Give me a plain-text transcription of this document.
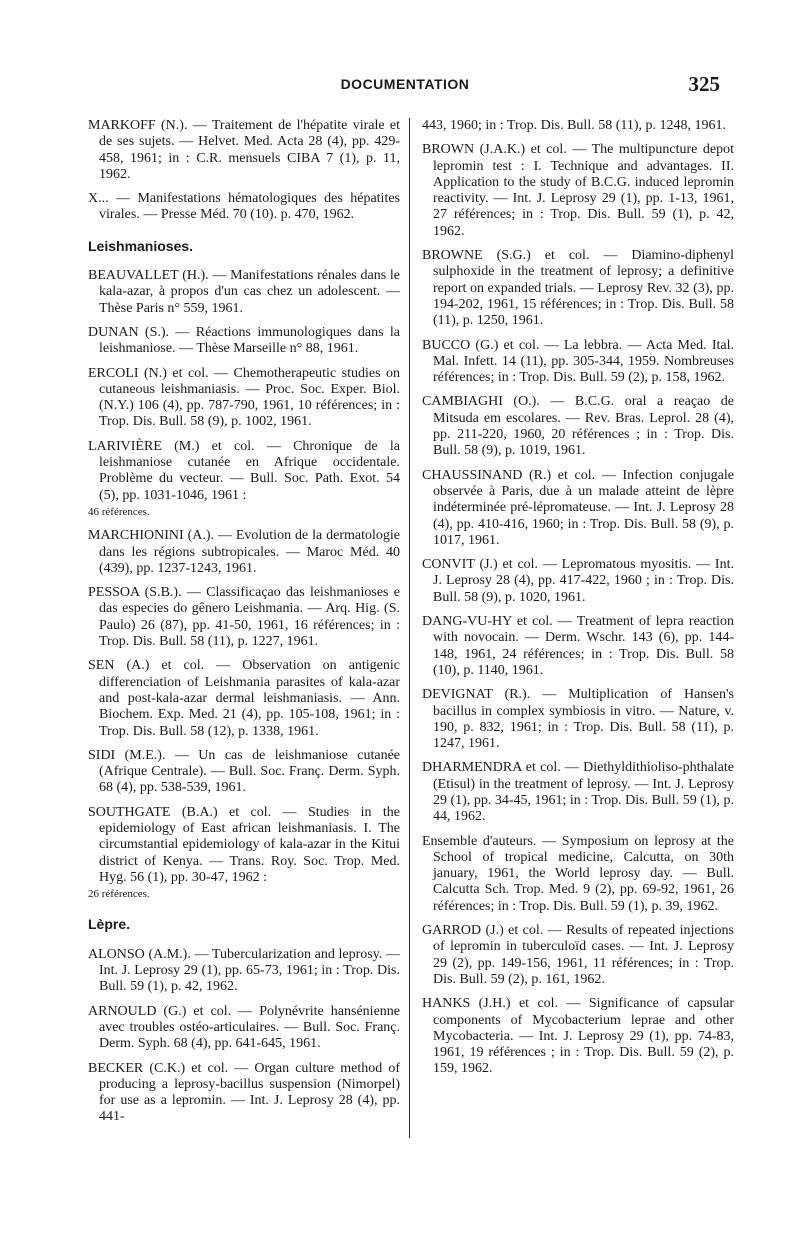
DOCUMENTATION	325
MARKOFF (N.). — Traitement de l'hépatite virale et de ses sujets. — Helvet. Med. Acta 28 (4), pp. 429-458, 1961; in : C.R. mensuels CIBA 7 (1), p. 11, 1962.
X... — Manifestations hématologiques des hépatites virales. — Presse Méd. 70 (10). p. 470, 1962.
Leishmanioses.
BEAUVALLET (H.). — Manifestations rénales dans le kala-azar, à propos d'un cas chez un adolescent. — Thèse Paris n° 559, 1961.
DUNAN (S.). — Réactions immunologiques dans la leishmaniose. — Thèse Marseille n° 88, 1961.
ERCOLI (N.) et col. — Chemotherapeutic studies on cutaneous leishmaniasis. — Proc. Soc. Exper. Biol. (N.Y.) 106 (4), pp. 787-790, 1961, 10 références; in : Trop. Dis. Bull. 58 (9), p. 1002, 1961.
LARIVIÈRE (M.) et col. — Chronique de la leishmaniose cutanée en Afrique occidentale. Problème du vecteur. — Bull. Soc. Path. Exot. 54 (5), pp. 1031-1046, 1961 :
46 références.
MARCHIONINI (A.). — Evolution de la dermatologie dans les régions subtropicales. — Maroc Méd. 40 (439), pp. 1237-1243, 1961.
PESSOA (S.B.). — Classificaçao das leishmanioses e das especies do gênero Leishmania. — Arq. Hig. (S. Paulo) 26 (87), pp. 41-50, 1961, 16 références; in : Trop. Dis. Bull. 58 (11), p. 1227, 1961.
SEN (A.) et col. — Observation on antigenic differenciation of Leishmania parasites of kala-azar and post-kala-azar dermal leishmaniasis. — Ann. Biochem. Exp. Med. 21 (4), pp. 105-108, 1961; in : Trop. Dis. Bull. 58 (12), p. 1338, 1961.
SIDI (M.E.). — Un cas de leishmaniose cutanée (Afrique Centrale). — Bull. Soc. Franç. Derm. Syph. 68 (4), pp. 538-539, 1961.
SOUTHGATE (B.A.) et col. — Studies in the epidemiology of East african leishmaniasis. I. The circumstantial epidemiology of kala-azar in the Kitui district of Kenya. — Trans. Roy. Soc. Trop. Med. Hyg. 56 (1), pp. 30-47, 1962 :
26 références.
Lèpre.
ALONSO (A.M.). — Tubercularization and leprosy. — Int. J. Leprosy 29 (1), pp. 65-73, 1961; in : Trop. Dis. Bull. 59 (1), p. 42, 1962.
ARNOULD (G.) et col. — Polynévrite hansénienne avec troubles ostéo-articulaires. — Bull. Soc. Franç. Derm. Syph. 68 (4), pp. 641-645, 1961.
BECKER (C.K.) et col. — Organ culture method of producing a leprosy-bacillus suspension (Nimorpel) for use as a lepromin. — Int. J. Leprosy 28 (4), pp. 441-
443, 1960; in : Trop. Dis. Bull. 58 (11), p. 1248, 1961.
BROWN (J.A.K.) et col. — The multipuncture depot lepromin test : I. Technique and advantages. II. Application to the study of B.C.G. induced lepromin reactivity. — Int. J. Leprosy 29 (1), pp. 1-13, 1961, 27 références; in : Trop. Dis. Bull. 59 (1), p. 42, 1962.
BROWNE (S.G.) et col. — Diamino-diphenyl sulphoxide in the treatment of leprosy; a definitive report on expanded trials. — Leprosy Rev. 32 (3), pp. 194-202, 1961, 15 références; in : Trop. Dis. Bull. 58 (11), p. 1250, 1961.
BUCCO (G.) et col. — La lebbra. — Acta Med. Ital. Mal. Infett. 14 (11), pp. 305-344, 1959. Nombreuses références; in : Trop. Dis. Bull. 59 (2), p. 158, 1962.
CAMBIAGHI (O.). — B.C.G. oral a reaçao de Mitsuda em escolares. — Rev. Bras. Leprol. 28 (4), pp. 211-220, 1960, 20 références ; in : Trop. Dis. Bull. 58 (9), p. 1019, 1961.
CHAUSSINAND (R.) et col. — Infection conjugale observée à Paris, due à un malade atteint de lèpre indéterminée pré-lépromateuse. — Int. J. Leprosy 28 (4), pp. 410-416, 1960; in : Trop. Dis. Bull. 58 (9), p. 1017, 1961.
CONVIT (J.) et col. — Lepromatous myositis. — Int. J. Leprosy 28 (4), pp. 417-422, 1960 ; in : Trop. Dis. Bull. 58 (9), p. 1020, 1961.
DANG-VU-HY et col. — Treatment of lepra reaction with novocain. — Derm. Wschr. 143 (6), pp. 144-148, 1961, 24 références; in : Trop. Dis. Bull. 58 (10), p. 1140, 1961.
DEVIGNAT (R.). — Multiplication of Hansen's bacillus in complex symbiosis in vitro. — Nature, v. 190, p. 832, 1961; in : Trop. Dis. Bull. 58 (11), p. 1247, 1961.
DHARMENDRA et col. — Diethyldithioliso-phthalate (Etisul) in the treatment of leprosy. — Int. J. Leprosy 29 (1), pp. 34-45, 1961; in : Trop. Dis. Bull. 59 (1), p. 44, 1962.
Ensemble d'auteurs. — Symposium on leprosy at the School of tropical medicine, Calcutta, on 30th january, 1961, the World leprosy day. — Bull. Calcutta Sch. Trop. Med. 9 (2), pp. 69-92, 1961, 26 références; in : Trop. Dis. Bull. 59 (1), p. 39, 1962.
GARROD (J.) et col. — Results of repeated injections of lepromin in tuberculoïd cases. — Int. J. Leprosy 29 (2), pp. 149-156, 1961, 11 références; in : Trop. Dis. Bull. 59 (2), p. 161, 1962.
HANKS (J.H.) et col. — Significance of capsular components of Mycobacterium leprae and other Mycobacteria. — Int. J. Leprosy 29 (1), pp. 74-83, 1961, 19 références ; in : Trop. Dis. Bull. 59 (2), p. 159, 1962.
